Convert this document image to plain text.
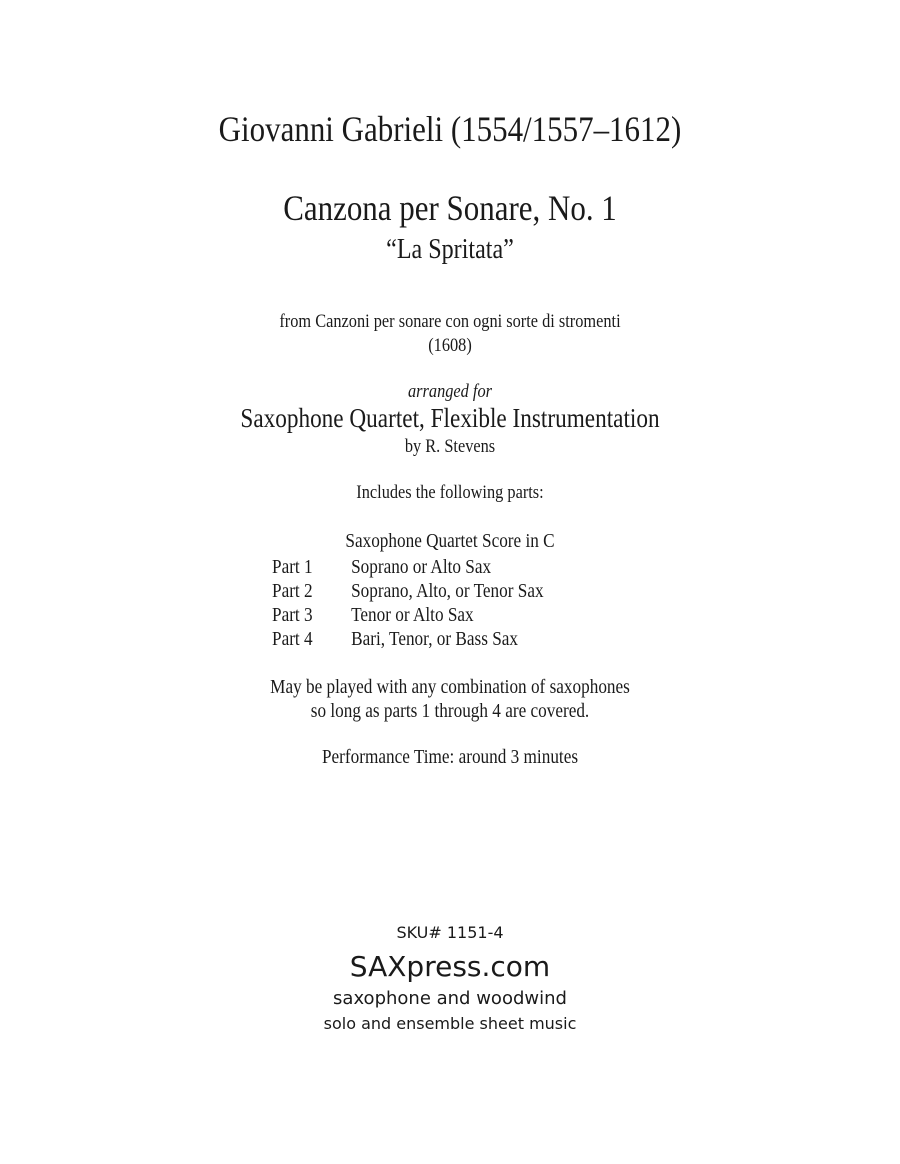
Giovanni Gabrieli (1554/1557–1612)
Canzona per Sonare, No. 1
“La Spritata”
from Canzoni per sonare con ogni sorte di stromenti
(1608)
arranged for
Saxophone Quartet, Flexible Instrumentation
by R. Stevens
Includes the following parts:
Saxophone Quartet Score in C
Part 1	Soprano or Alto Sax
Part 2	Soprano, Alto, or Tenor Sax
Part 3	Tenor or Alto Sax
Part 4	Bari, Tenor, or Bass Sax
May be played with any combination of saxophones
so long as parts 1 through 4 are covered.
Performance Time: around 3 minutes
SKU# 1151-4
SAXpress.com
saxophone and woodwind
solo and ensemble sheet music
